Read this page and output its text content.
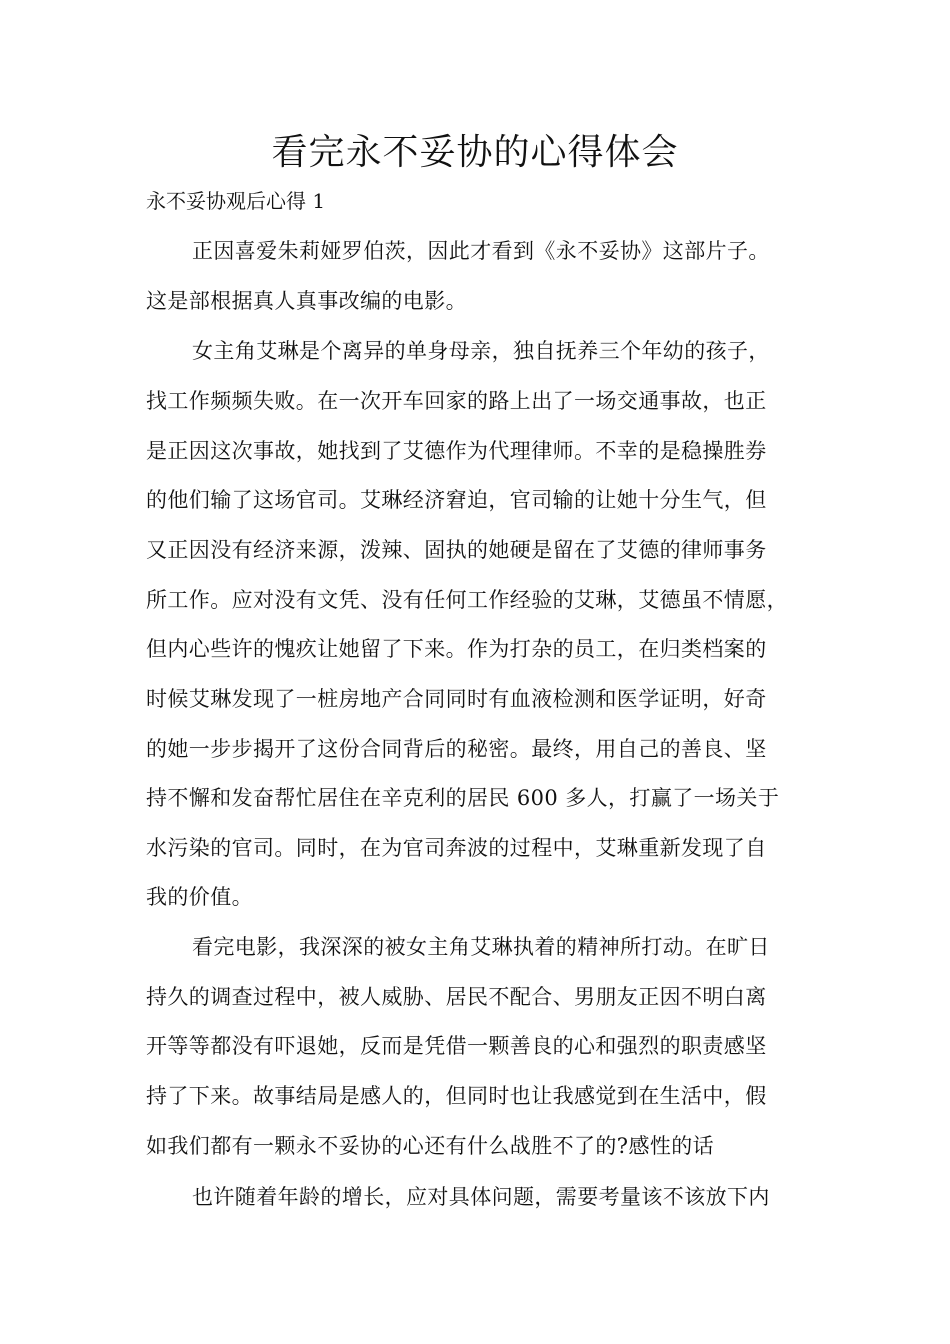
看完永不妥协的心得体会

永不妥协观后心得 1

正因喜爱朱莉娅罗伯茨，因此才看到《永不妥协》这部片子。

这是部根据真人真事改编的电影。

女主角艾琳是个离异的单身母亲，独自抚养三个年幼的孩子，

找工作频频失败。在一次开车回家的路上出了一场交通事故，也正

是正因这次事故，她找到了艾德作为代理律师。不幸的是稳操胜券

的他们输了这场官司。艾琳经济窘迫，官司输的让她十分生气，但

又正因没有经济来源，泼辣、固执的她硬是留在了艾德的律师事务

所工作。应对没有文凭、没有任何工作经验的艾琳，艾德虽不情愿，

但内心些许的愧疚让她留了下来。作为打杂的员工，在归类档案的

时候艾琳发现了一桩房地产合同同时有血液检测和医学证明，好奇

的她一步步揭开了这份合同背后的秘密。最终，用自己的善良、坚

持不懈和发奋帮忙居住在辛克利的居民 600 多人，打赢了一场关于

水污染的官司。同时，在为官司奔波的过程中，艾琳重新发现了自

我的价值。

看完电影，我深深的被女主角艾琳执着的精神所打动。在旷日

持久的调查过程中，被人威胁、居民不配合、男朋友正因不明白离

开等等都没有吓退她，反而是凭借一颗善良的心和强烈的职责感坚

持了下来。故事结局是感人的，但同时也让我感觉到在生活中，假

如我们都有一颗永不妥协的心还有什么战胜不了的?感性的话

也许随着年龄的增长，应对具体问题，需要考量该不该放下内
